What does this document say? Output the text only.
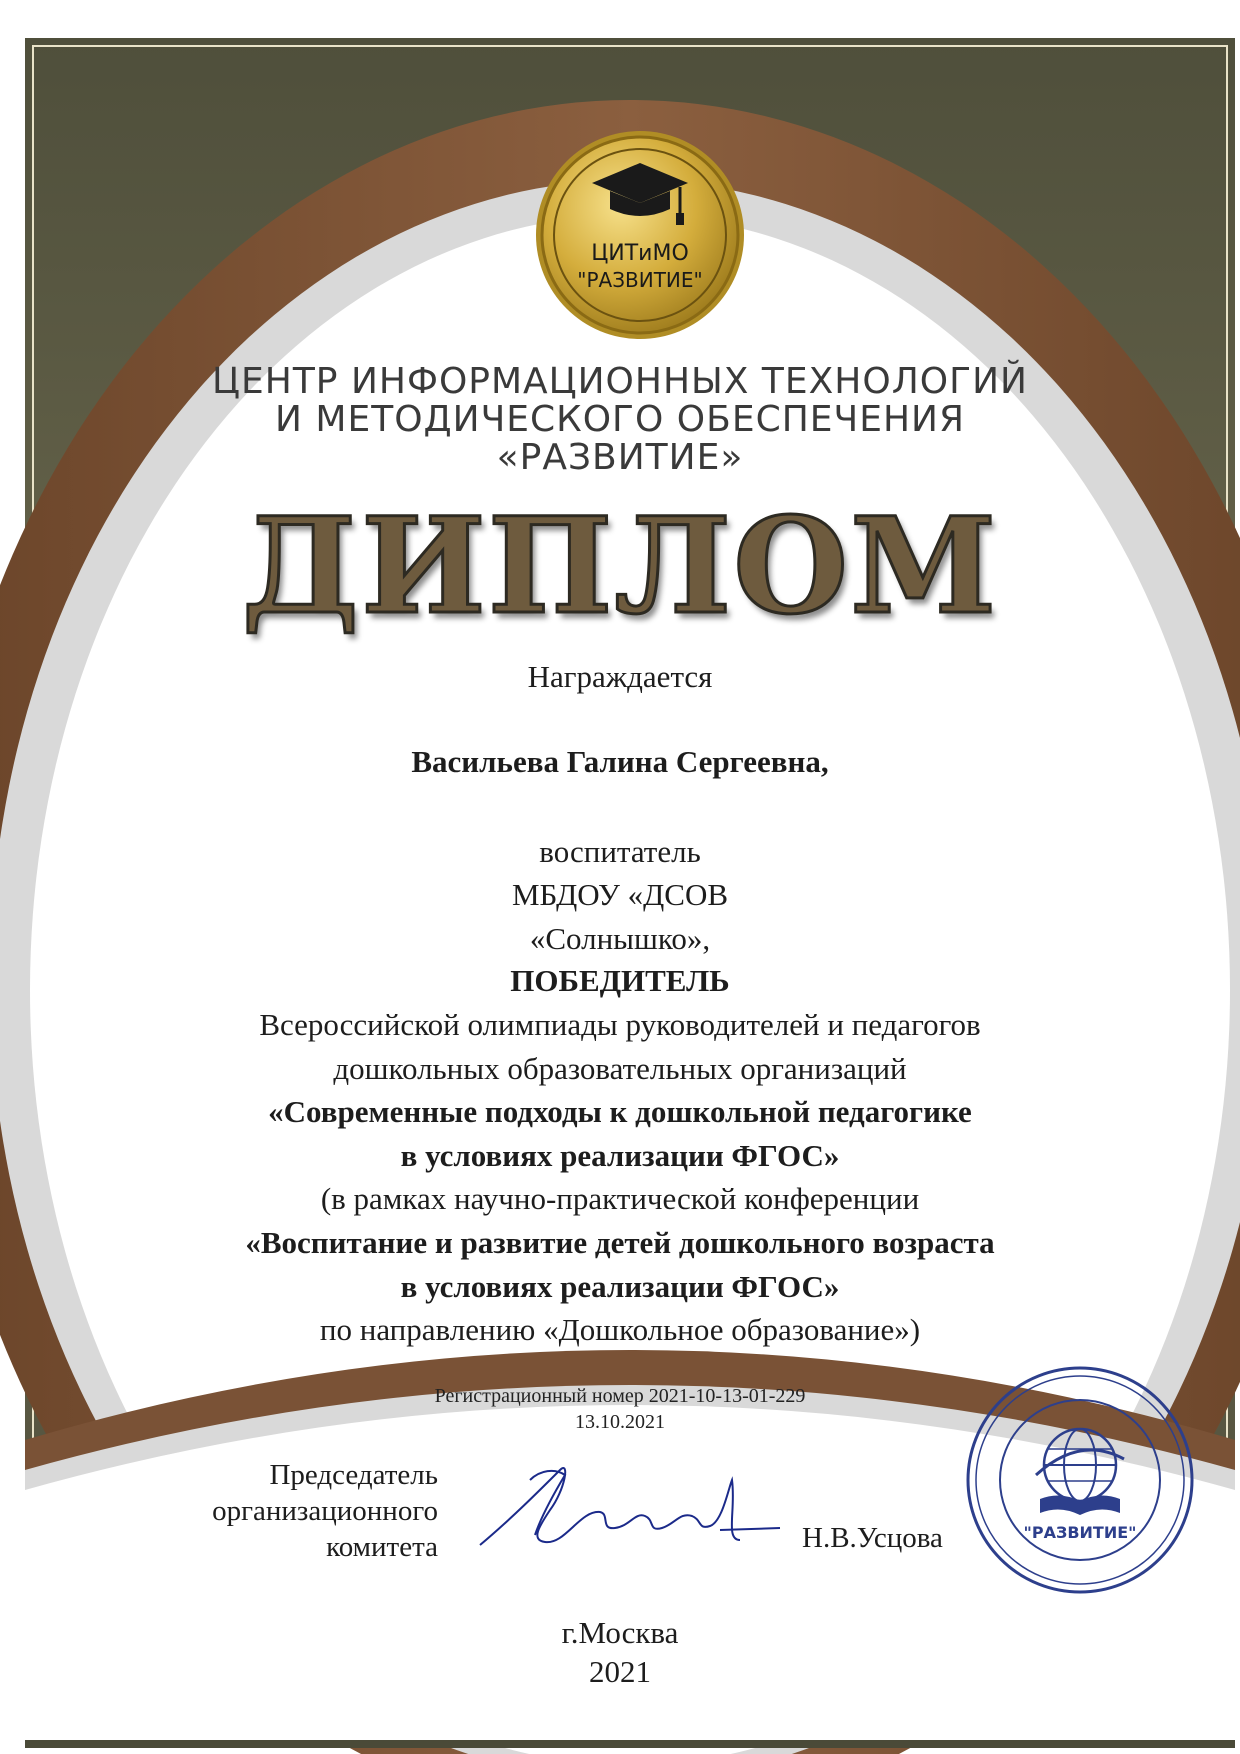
ЦИТиМО
"РАЗВИТИЕ"
ЦЕНТР ИНФОРМАЦИОННЫХ ТЕХНОЛОГИЙ
И МЕТОДИЧЕСКОГО ОБЕСПЕЧЕНИЯ
«РАЗВИТИЕ»
ДИПЛОМ
Награждается
Васильева Галина Сергеевна,
воспитатель
МБДОУ «ДСОВ
«Солнышко»,
ПОБЕДИТЕЛЬ
Всероссийской олимпиады руководителей и педагогов
дошкольных образовательных организаций
«Современные подходы к дошкольной педагогике
в условиях реализации ФГОС»
(в рамках научно-практической конференции
«Воспитание и развитие детей дошкольного возраста
в условиях реализации ФГОС»
по направлению «Дошкольное образование»)
Регистрационный номер 2021-10-13-01-229
13.10.2021
Председатель
организационного
комитета	Н.В.Усцова	"РАЗВИТИЕ"
г.Москва
2021
